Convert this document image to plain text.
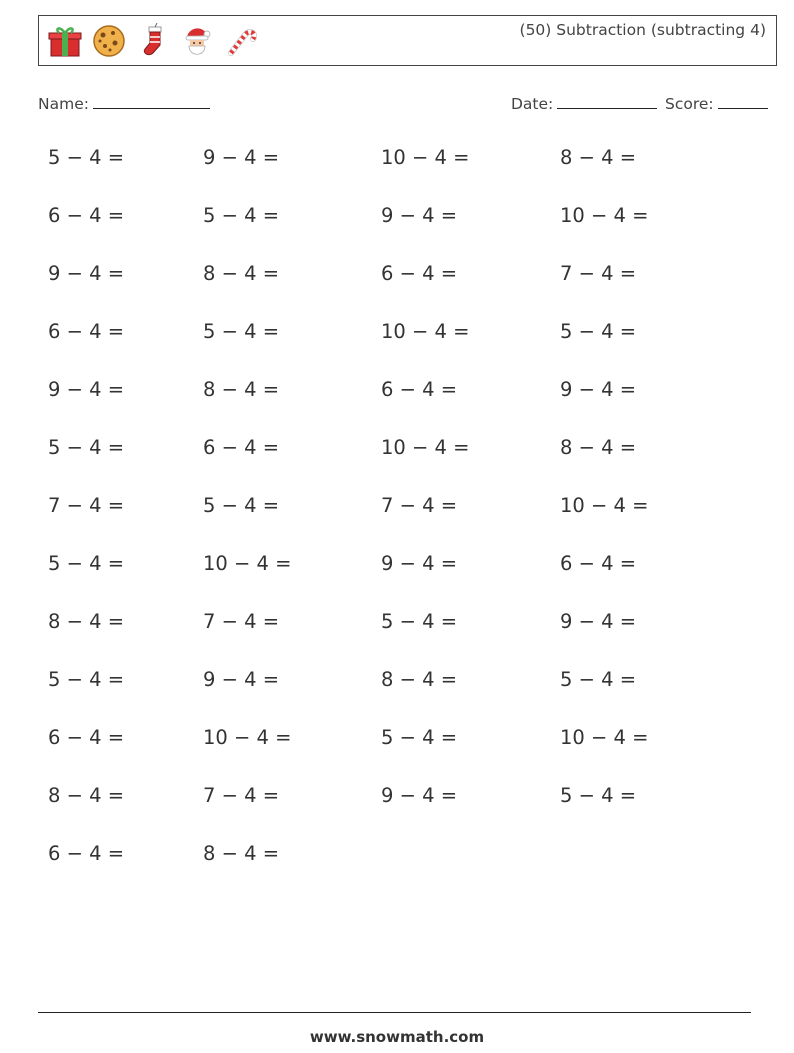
(50) Subtraction (subtracting 4)
Name:	Date:	Score:
5 − 4 =	9 − 4 =	10 − 4 =	8 − 4 =
6 − 4 =	5 − 4 =	9 − 4 =	10 − 4 =
9 − 4 =	8 − 4 =	6 − 4 =	7 − 4 =
6 − 4 =	5 − 4 =	10 − 4 =	5 − 4 =
9 − 4 =	8 − 4 =	6 − 4 =	9 − 4 =
5 − 4 =	6 − 4 =	10 − 4 =	8 − 4 =
7 − 4 =	5 − 4 =	7 − 4 =	10 − 4 =
5 − 4 =	10 − 4 =	9 − 4 =	6 − 4 =
8 − 4 =	7 − 4 =	5 − 4 =	9 − 4 =
5 − 4 =	9 − 4 =	8 − 4 =	5 − 4 =
6 − 4 =	10 − 4 =	5 − 4 =	10 − 4 =
8 − 4 =	7 − 4 =	9 − 4 =	5 − 4 =
6 − 4 =	8 − 4 =
www.snowmath.com
